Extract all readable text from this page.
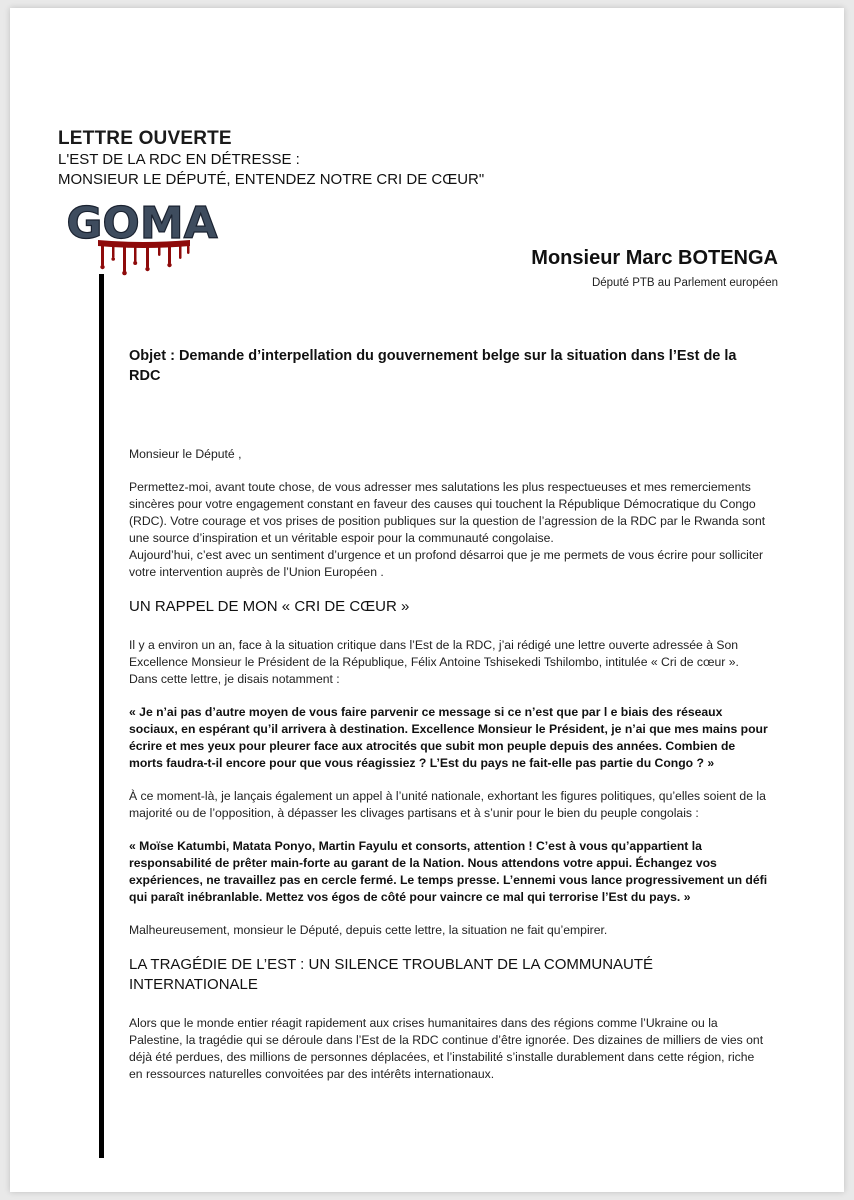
LETTRE OUVERTE
L'EST DE LA RDC EN DÉTRESSE :
MONSIEUR LE DÉPUTÉ, ENTENDEZ NOTRE CRI DE CŒUR"
GOMA
Monsieur Marc BOTENGA
Député PTB au Parlement européen
Objet : Demande d’interpellation du gouvernement belge sur la situation dans l’Est de la RDC

Monsieur le Député ,

Permettez-moi, avant toute chose, de vous adresser mes salutations les plus respectueuses et mes remerciements sincères pour votre engagement constant en faveur des causes qui touchent la République Démocratique du Congo (RDC). Votre courage et vos prises de position publiques sur la question de l’agression de la RDC par le Rwanda sont une source d’inspiration et un véritable espoir pour la communauté congolaise.

Aujourd’hui, c’est avec un sentiment d’urgence et un profond désarroi que je me permets de vous écrire pour solliciter votre intervention auprès de l’Union Européen .

UN RAPPEL DE MON « CRI DE CŒUR »

Il y a environ un an, face à la situation critique dans l’Est de la RDC, j’ai rédigé une lettre ouverte adressée à Son Excellence Monsieur le Président de la République, Félix Antoine Tshisekedi Tshilombo, intitulée « Cri de cœur ». Dans cette lettre, je disais notamment :

« Je n’ai pas d’autre moyen de vous faire parvenir ce message si ce n’est que par l e biais des réseaux sociaux, en espérant qu’il arrivera à destination. Excellence Monsieur le Président, je n’ai que mes mains pour écrire et mes yeux pour pleurer face aux atrocités que subit mon peuple depuis des années. Combien de morts faudra-t-il encore pour que vous réagissiez ? L’Est du pays ne fait-elle pas partie du Congo ? »

À ce moment-là, je lançais également un appel à l’unité nationale, exhortant les figures politiques, qu’elles soient de la majorité ou de l’opposition, à dépasser les clivages partisans et à s’unir pour le bien du peuple congolais :

« Moïse Katumbi, Matata Ponyo, Martin Fayulu et consorts, attention ! C’est à vous qu’appartient la responsabilité de prêter main-forte au garant de la Nation. Nous attendons votre appui. Échangez vos expériences, ne travaillez pas en cercle fermé. Le temps presse. L’ennemi vous lance progressivement un défi qui paraît inébranlable. Mettez vos égos de côté pour vaincre ce mal qui terrorise l’Est du pays. »

Malheureusement, monsieur le Député, depuis cette lettre, la situation ne fait qu’empirer.

LA TRAGÉDIE DE L’EST : UN SILENCE TROUBLANT DE LA COMMUNAUTÉ INTERNATIONALE

Alors que le monde entier réagit rapidement aux crises humanitaires dans des régions comme l’Ukraine ou la Palestine, la tragédie qui se déroule dans l’Est de la RDC continue d’être ignorée. Des dizaines de milliers de vies ont déjà été perdues, des millions de personnes déplacées, et l’instabilité s’installe durablement dans cette région, riche en ressources naturelles convoitées par des intérêts internationaux.
